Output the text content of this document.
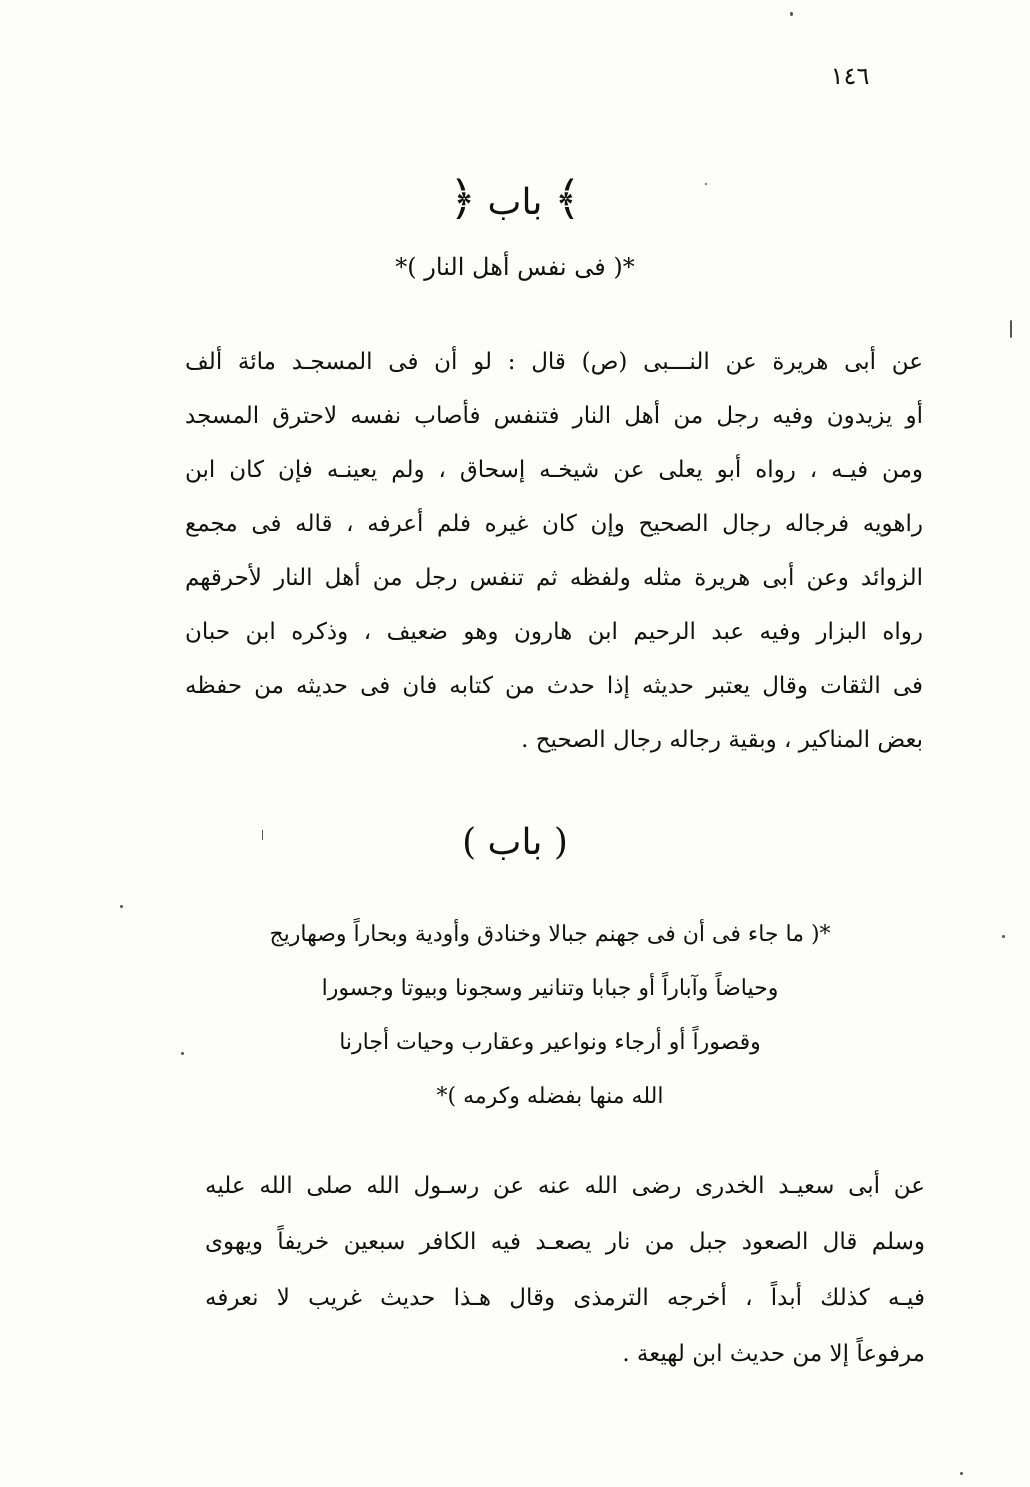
١٤٦
﴾ باب ﴿
*( فى نفس أهل النار )*
عن أبى هريرة عن النـــبى (ص) قال : لو أن فى المسجـد مائة ألف
أو يزيدون وفيه رجل من أهل النار فتنفس فأصاب نفسه لاحترق المسجد
ومن فيـه ، رواه أبو يعلى عن شيخـه إسحاق ، ولم يعينـه فإن كان ابن
راهويه فرجاله رجال الصحيح وإن كان غيره فلم أعرفه ، قاله فى مجمع
الزوائد وعن أبى هريرة مثله ولفظه ثم تنفس رجل من أهل النار لأحرقهم
رواه البزار وفيه عبد الرحيم ابن هارون وهو ضعيف ، وذكره ابن حبان
فى الثقات وقال يعتبر حديثه إذا حدث من كتابه فان فى حديثه من حفظه
بعض المناكير ، وبقية رجاله رجال الصحيح .
( باب )
*( ما جاء فى أن فى جهنم جبالا وخنادق وأودية وبحاراً وصهاريج
وحياضاً وآباراً أو جبابا وتنانير وسجونا وبيوتا وجسورا
وقصوراً أو أرجاء ونواعير وعقارب وحيات أجارنا
الله منها بفضله وكرمه )*
عن أبى سعيـد الخدرى رضى الله عنه عن رسـول الله صلى الله عليه
وسلم قال الصعود جبل من نار يصعـد فيه الكافر سبعين خريفاً ويهوى
فيـه كذلك أبداً ، أخرجه الترمذى وقال هـذا حديث غريب لا نعرفه
مرفوعاً إلا من حديث ابن لهيعة .
